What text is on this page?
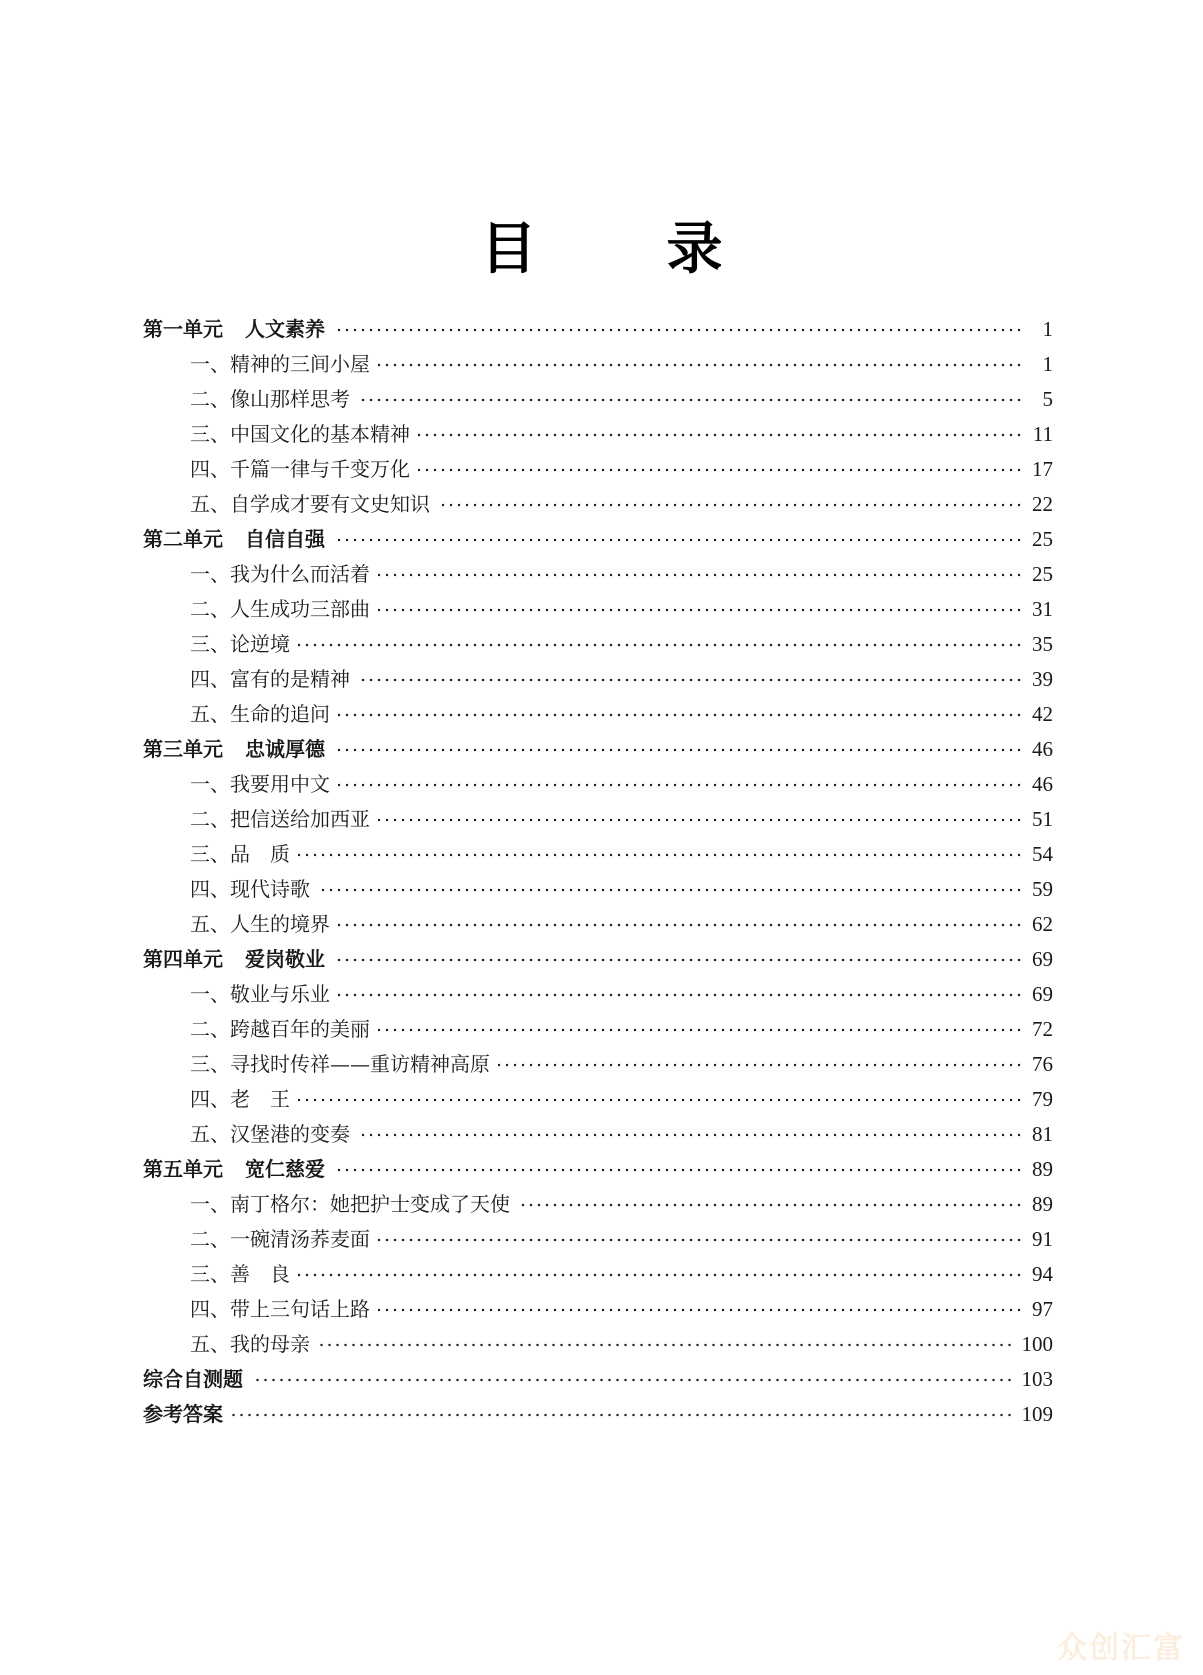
目 录
第一单元 人文素养	1
一、精神的三间小屋	1
二、像山那样思考	5
三、中国文化的基本精神	11
四、千篇一律与千变万化	17
五、自学成才要有文史知识	22
第二单元 自信自强	25
一、我为什么而活着	25
二、人生成功三部曲	31
三、论逆境	35
四、富有的是精神	39
五、生命的追问	42
第三单元 忠诚厚德	46
一、我要用中文	46
二、把信送给加西亚	51
三、品　质	54
四、现代诗歌	59
五、人生的境界	62
第四单元 爱岗敬业	69
一、敬业与乐业	69
二、跨越百年的美丽	72
三、寻找时传祥——重访精神高原	76
四、老　王	79
五、汉堡港的变奏	81
第五单元 宽仁慈爱	89
一、南丁格尔：她把护士变成了天使	89
二、一碗清汤荞麦面	91
三、善　良	94
四、带上三句话上路	97
五、我的母亲	100
综合自测题	103
参考答案	109
众创汇富
